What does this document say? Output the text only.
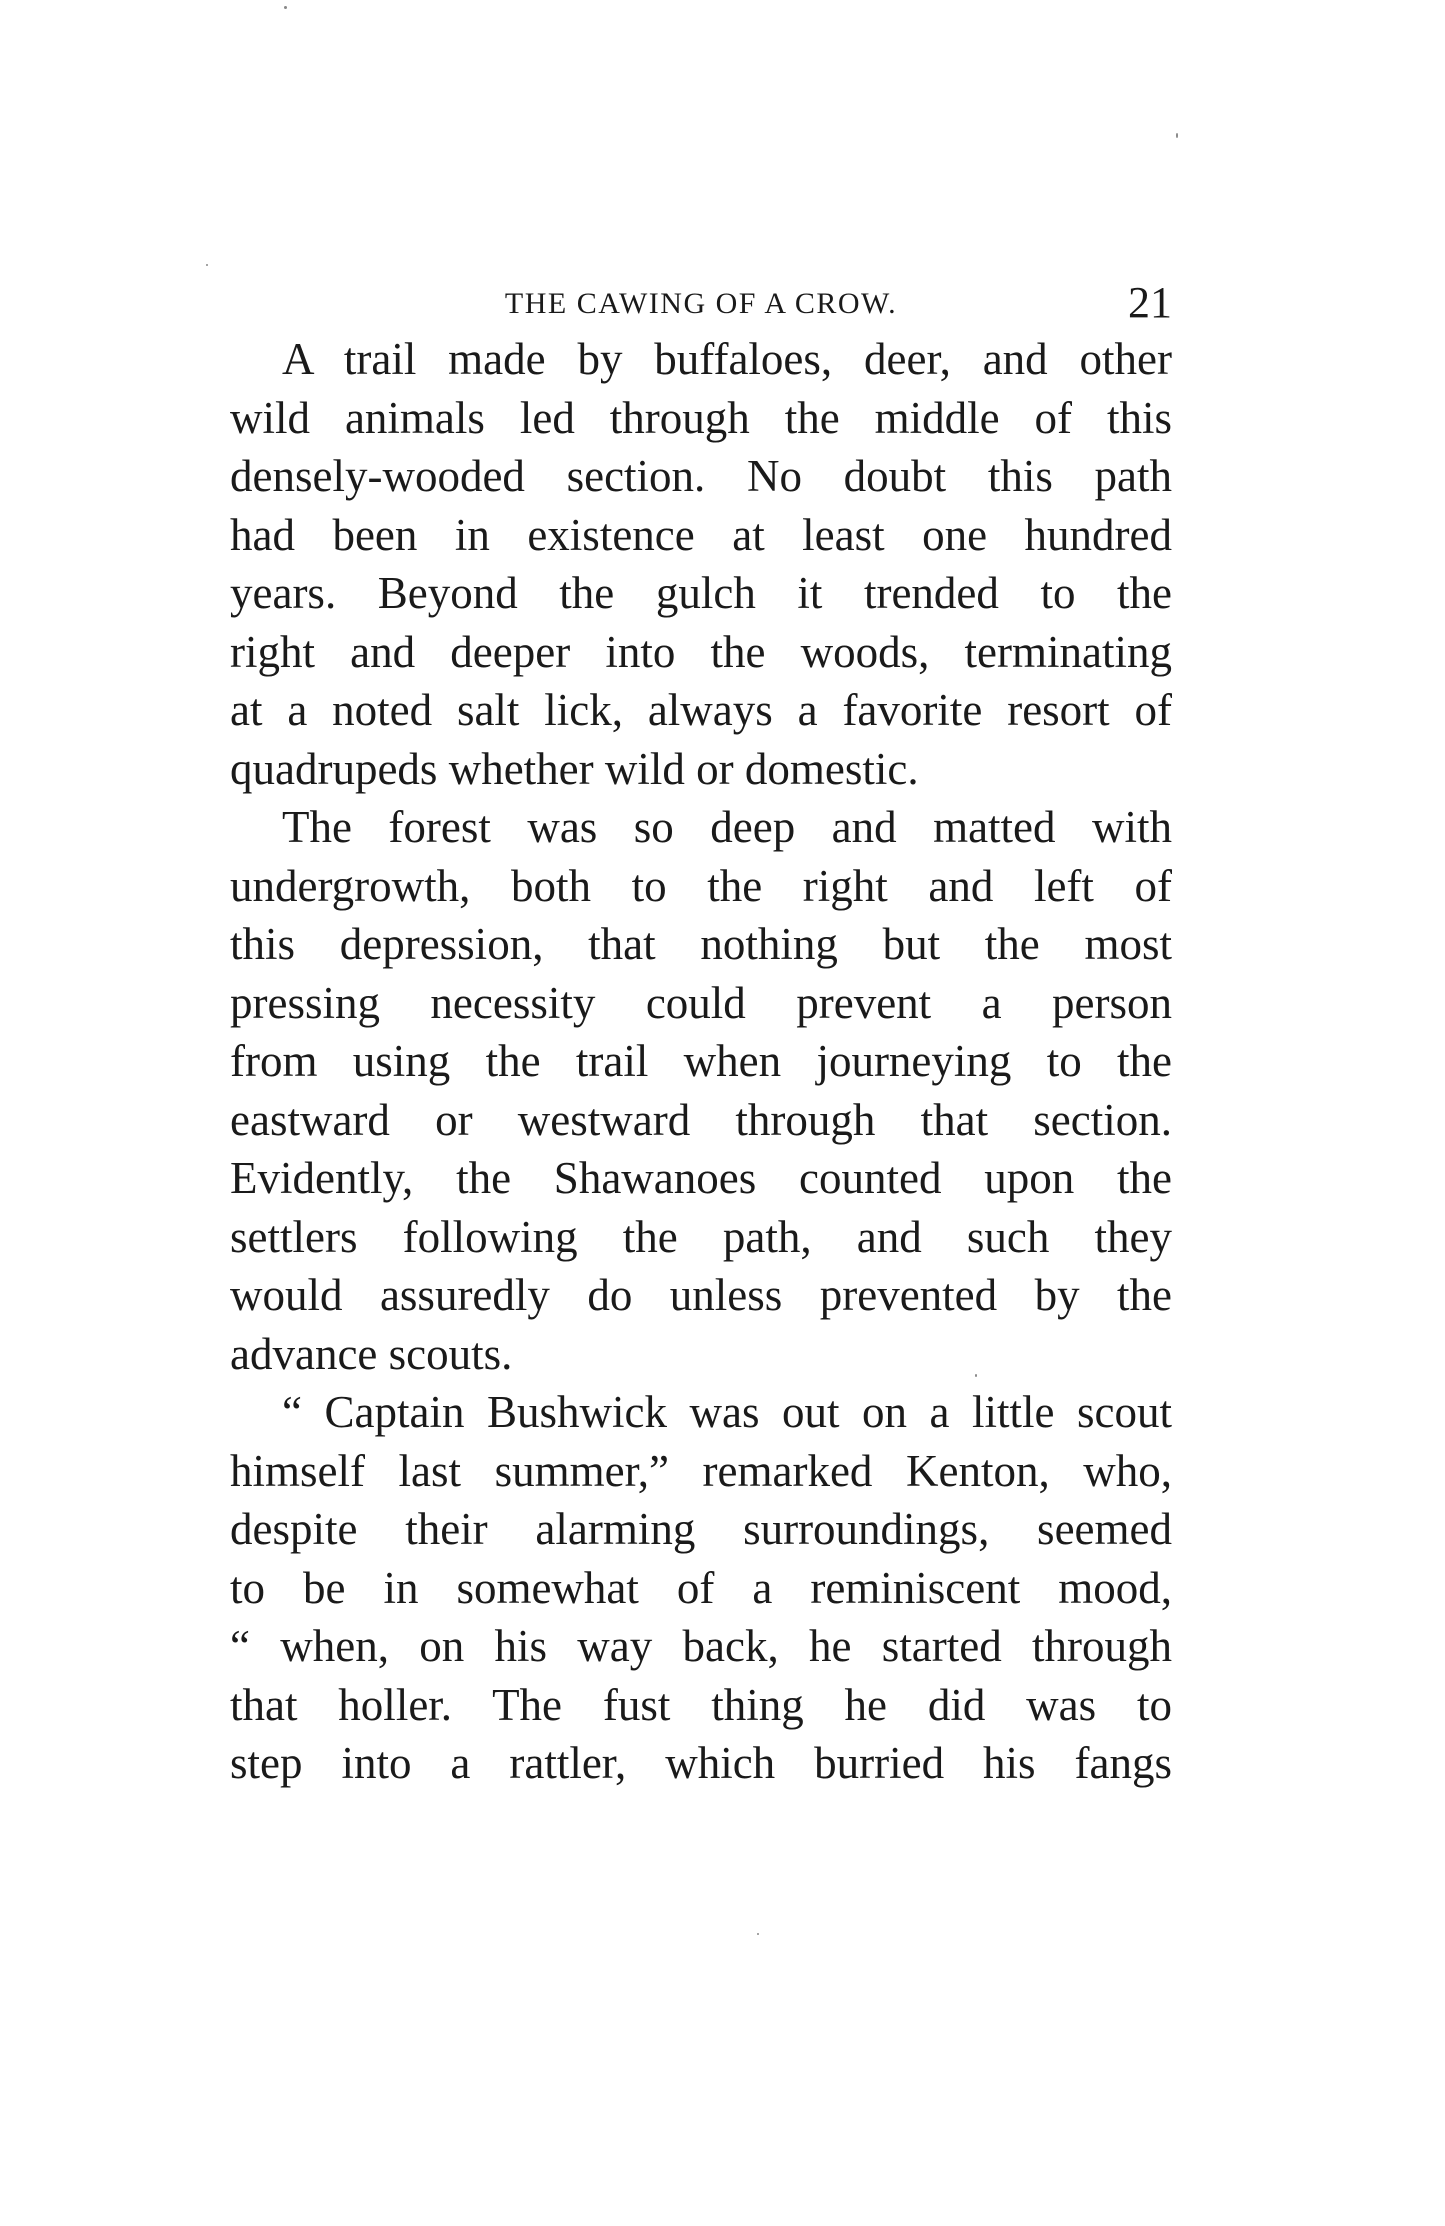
THE CAWING OF A CROW.	21

A trail made by buffaloes, deer, and other
wild animals led through the middle of this
densely-wooded section. No doubt this path
had been in existence at least one hundred
years. Beyond the gulch it trended to the
right and deeper into the woods, terminating
at a noted salt lick, always a favorite resort of
quadrupeds whether wild or domestic.

The forest was so deep and matted with
undergrowth, both to the right and left of
this depression, that nothing but the most
pressing necessity could prevent a person
from using the trail when journeying to the
eastward or westward through that section.
Evidently, the Shawanoes counted upon the
settlers following the path, and such they
would assuredly do unless prevented by the
advance scouts.

“ Captain Bushwick was out on a little scout
himself last summer,” remarked Kenton, who,
despite their alarming surroundings, seemed
to be in somewhat of a reminiscent mood,
“ when, on his way back, he started through
that holler. The fust thing he did was to
step into a rattler, which burried his fangs
